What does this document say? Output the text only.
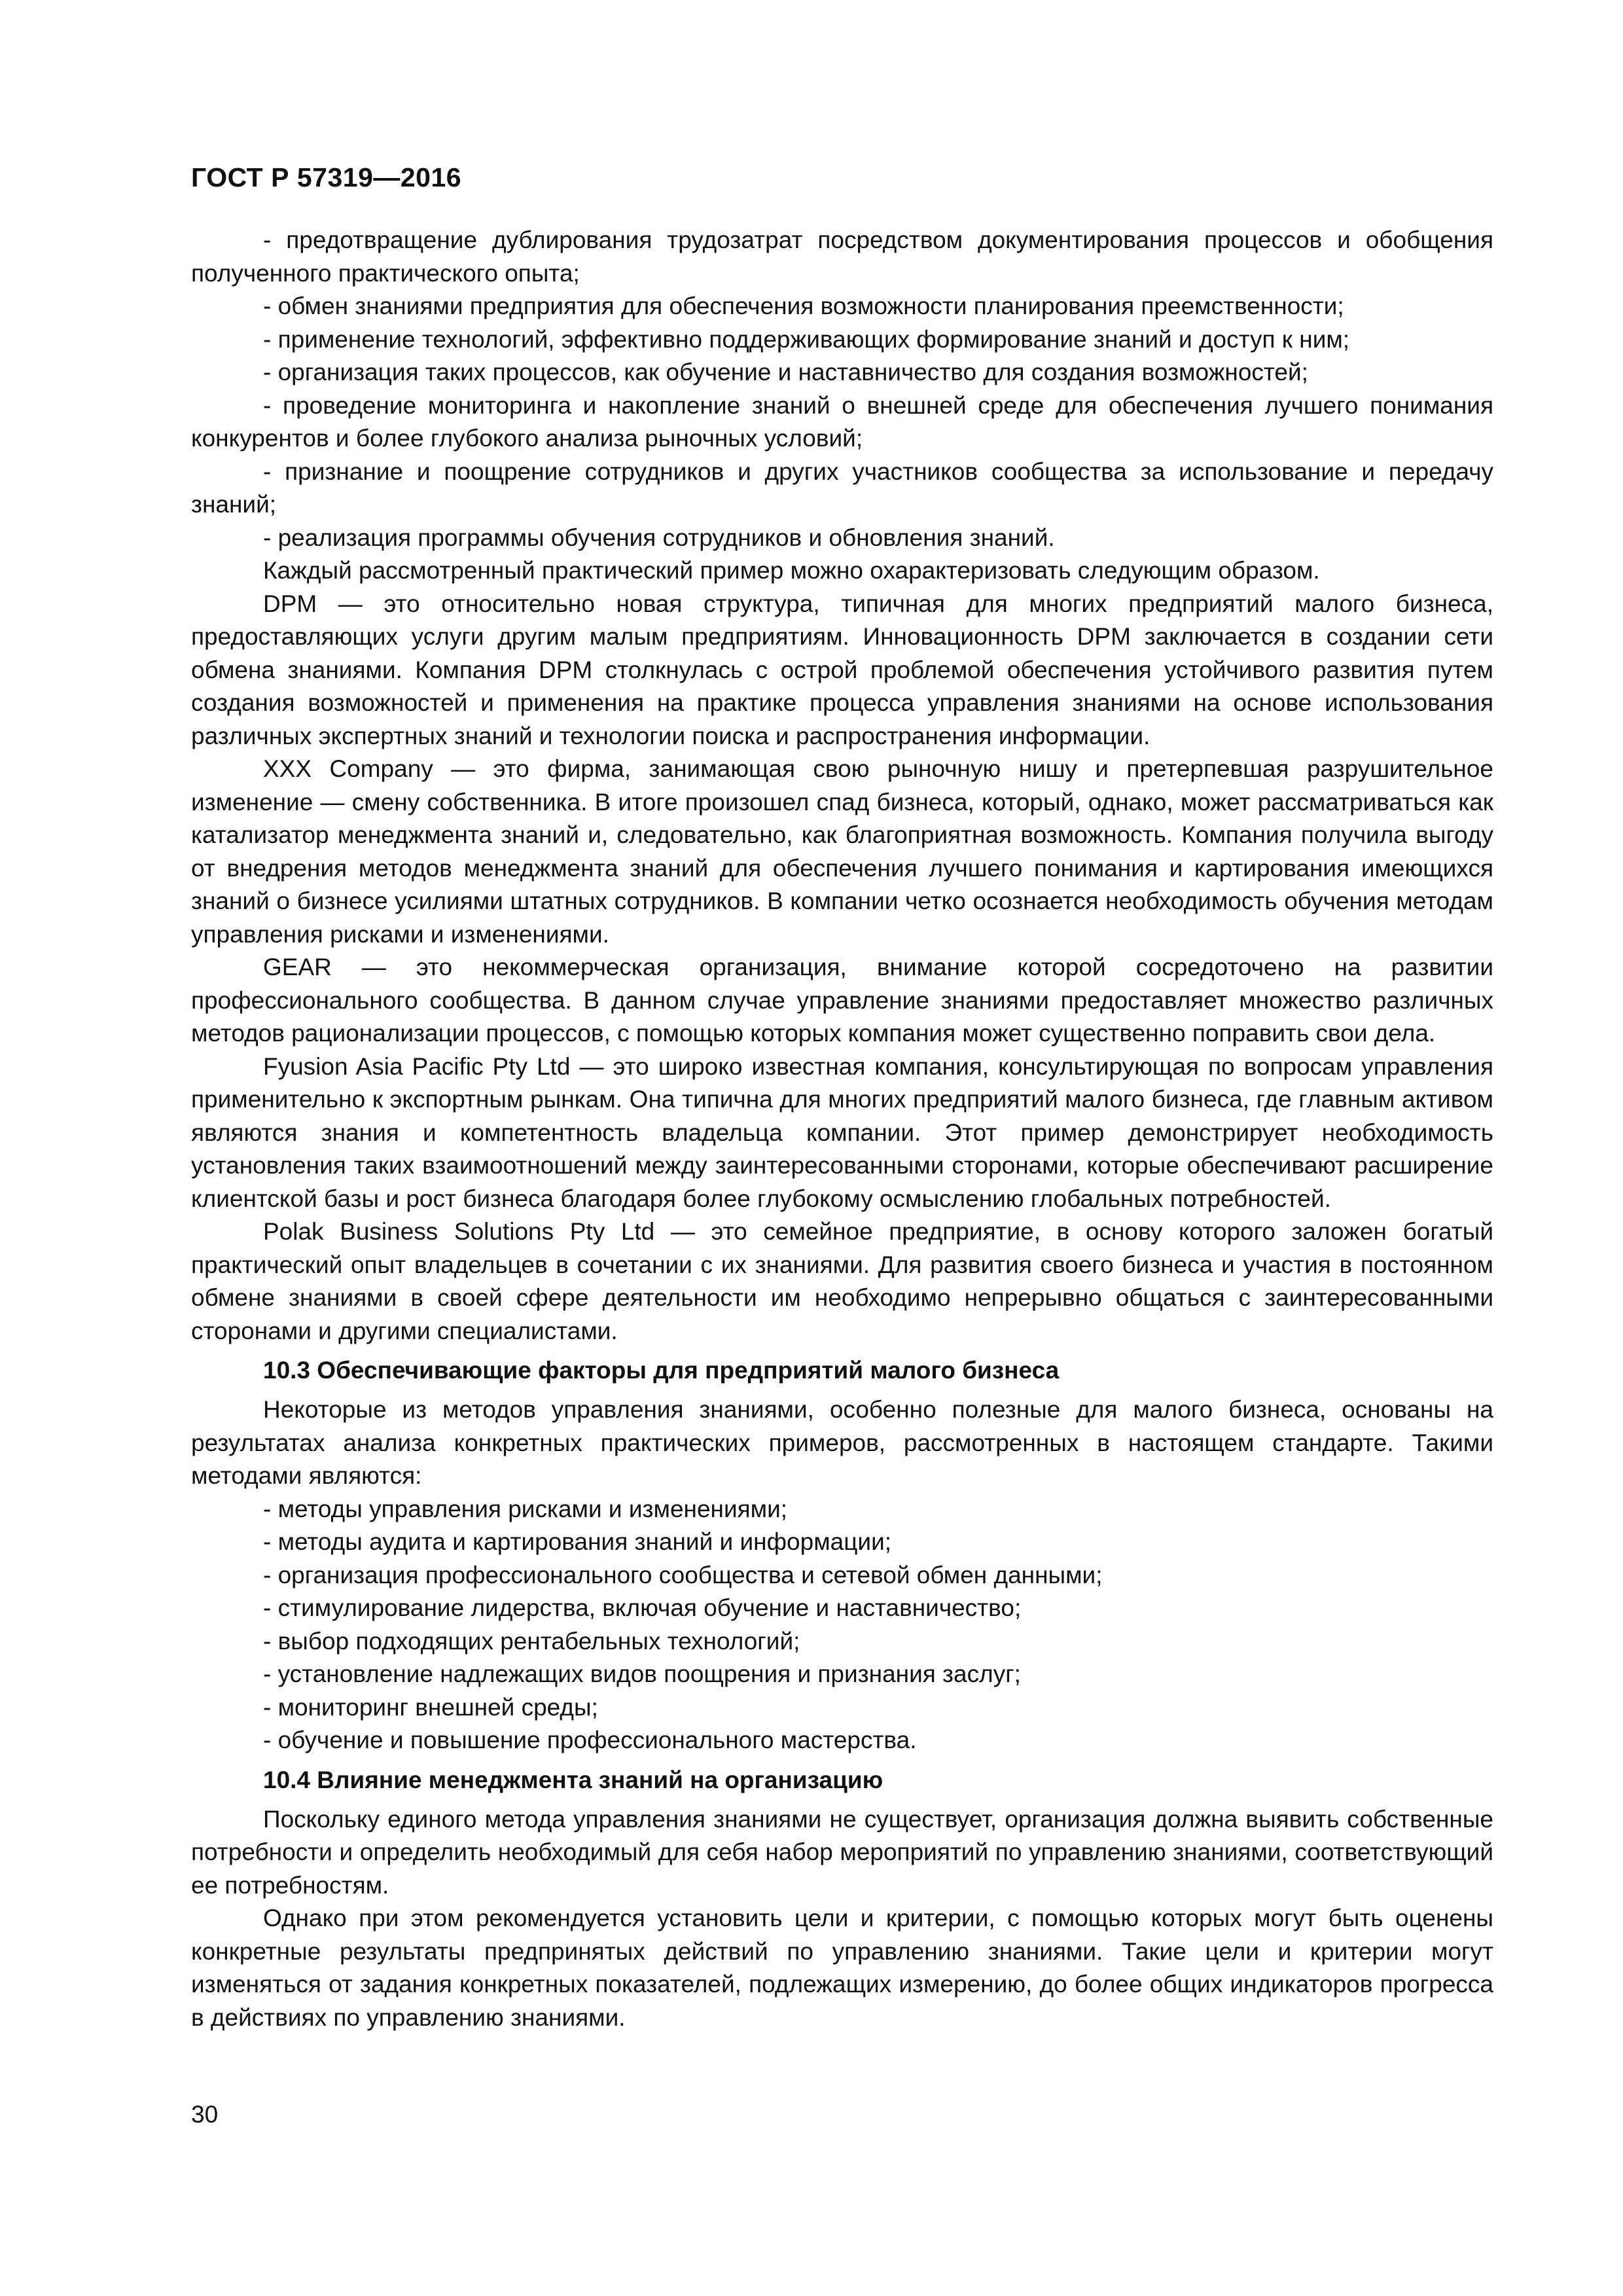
ГОСТ Р 57319—2016

- предотвращение дублирования трудозатрат посредством документирования процессов и обобщения полученного практического опыта;

- обмен знаниями предприятия для обеспечения возможности планирования преемственности;

- применение технологий, эффективно поддерживающих формирование знаний и доступ к ним;

- организация таких процессов, как обучение и наставничество для создания возможностей;

- проведение мониторинга и накопление знаний о внешней среде для обеспечения лучшего понимания конкурентов и более глубокого анализа рыночных условий;

- признание и поощрение сотрудников и других участников сообщества за использование и передачу знаний;

- реализация программы обучения сотрудников и обновления знаний.

Каждый рассмотренный практический пример можно охарактеризовать следующим образом.

DPM — это относительно новая структура, типичная для многих предприятий малого бизнеса, предоставляющих услуги другим малым предприятиям. Инновационность DPM заключается в создании сети обмена знаниями. Компания DPM столкнулась с острой проблемой обеспечения устойчивого развития путем создания возможностей и применения на практике процесса управления знаниями на основе использования различных экспертных знаний и технологии поиска и распространения информации.

XXX Company — это фирма, занимающая свою рыночную нишу и претерпевшая разрушительное изменение — смену собственника. В итоге произошел спад бизнеса, который, однако, может рассматриваться как катализатор менеджмента знаний и, следовательно, как благоприятная возможность. Компания получила выгоду от внедрения методов менеджмента знаний для обеспечения лучшего понимания и картирования имеющихся знаний о бизнесе усилиями штатных сотрудников. В компании четко осознается необходимость обучения методам управления рисками и изменениями.

GEAR — это некоммерческая организация, внимание которой сосредоточено на развитии профессионального сообщества. В данном случае управление знаниями предоставляет множество различных методов рационализации процессов, с помощью которых компания может существенно поправить свои дела.

Fyusion Asia Pacific Pty Ltd — это широко известная компания, консультирующая по вопросам управления применительно к экспортным рынкам. Она типична для многих предприятий малого бизнеса, где главным активом являются знания и компетентность владельца компании. Этот пример демонстрирует необходимость установления таких взаимоотношений между заинтересованными сторонами, которые обеспечивают расширение клиентской базы и рост бизнеса благодаря более глубокому осмыслению глобальных потребностей.

Polak Business Solutions Pty Ltd — это семейное предприятие, в основу которого заложен богатый практический опыт владельцев в сочетании с их знаниями. Для развития своего бизнеса и участия в постоянном обмене знаниями в своей сфере деятельности им необходимо непрерывно общаться с заинтересованными сторонами и другими специалистами.

10.3 Обеспечивающие факторы для предприятий малого бизнеса

Некоторые из методов управления знаниями, особенно полезные для малого бизнеса, основаны на результатах анализа конкретных практических примеров, рассмотренных в настоящем стандарте. Такими методами являются:

- методы управления рисками и изменениями;

- методы аудита и картирования знаний и информации;

- организация профессионального сообщества и сетевой обмен данными;

- стимулирование лидерства, включая обучение и наставничество;

- выбор подходящих рентабельных технологий;

- установление надлежащих видов поощрения и признания заслуг;

- мониторинг внешней среды;

- обучение и повышение профессионального мастерства.

10.4 Влияние менеджмента знаний на организацию

Поскольку единого метода управления знаниями не существует, организация должна выявить собственные потребности и определить необходимый для себя набор мероприятий по управлению знаниями, соответствующий ее потребностям.

Однако при этом рекомендуется установить цели и критерии, с помощью которых могут быть оценены конкретные результаты предпринятых действий по управлению знаниями. Такие цели и критерии могут изменяться от задания конкретных показателей, подлежащих измерению, до более общих индикаторов прогресса в действиях по управлению знаниями.

30
